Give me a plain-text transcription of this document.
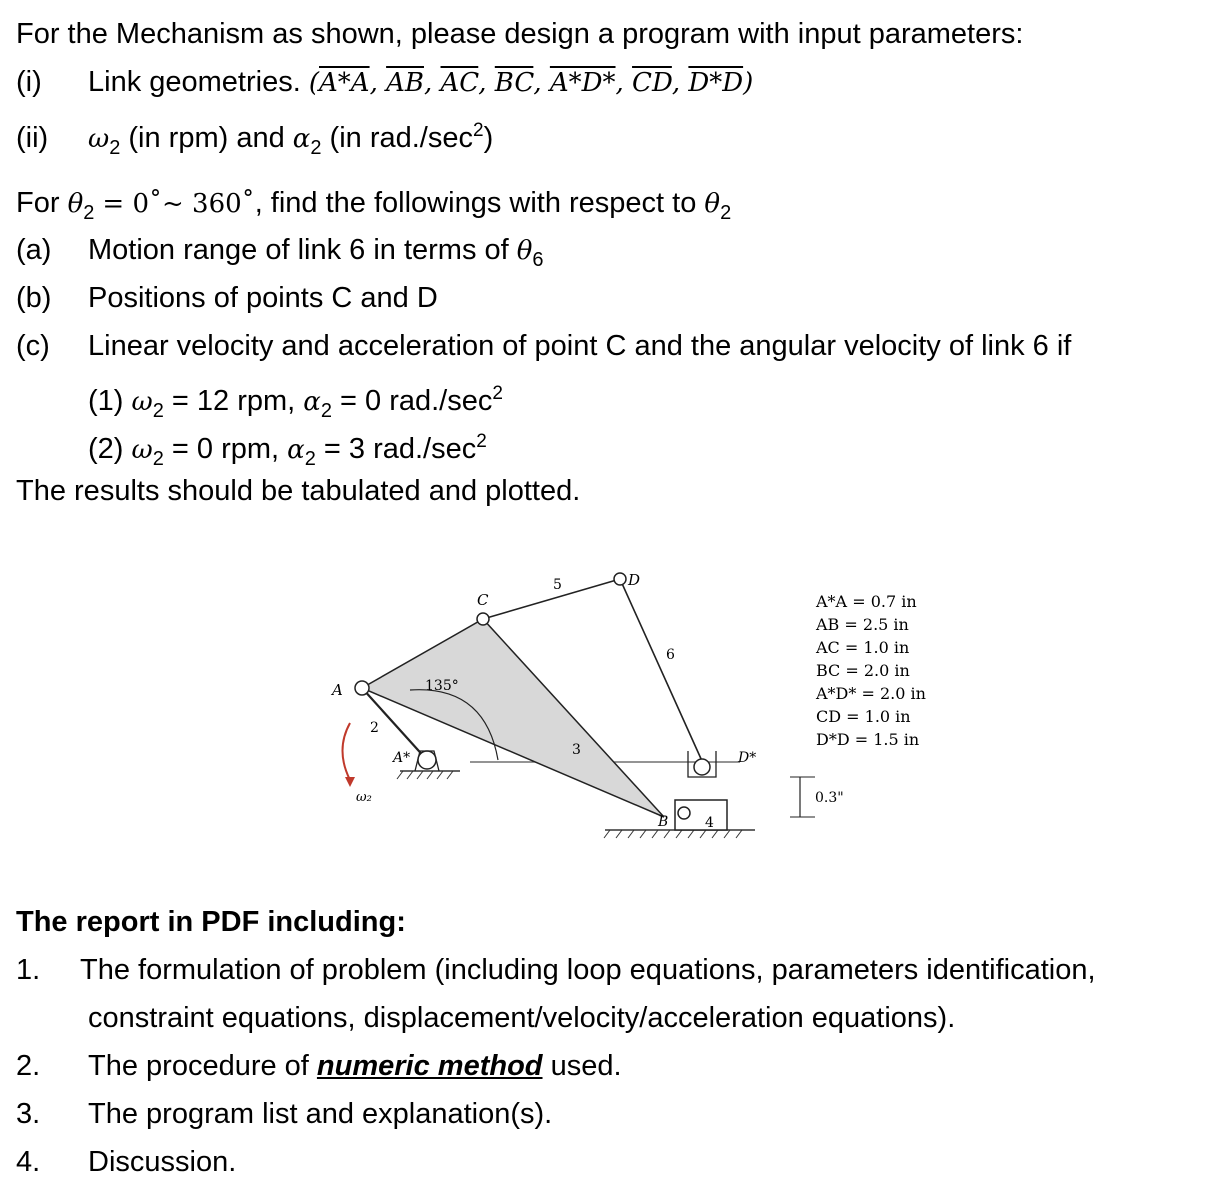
For the Mechanism as shown, please design a program with input parameters:
(i) Link geometries. (A*A, $\overline{AB}$, $\overline{AC}$, $\overline{BC}$, A*D*, $\overline{CD}$, D*D)
(ii) $\omega_2$ (in rpm) and $\alpha_2$ (in $rad./\sec^2$)
For $\theta_2$ = 0˚~ 360˚, find the followings with respect to $\theta_2$
(a) Motion range of link 6 in terms of $\theta_6$
(b) Positions of points C and D
(c) Linear velocity and acceleration of point C and the angular velocity of link 6 if
(1) $\omega_2 = 12$ rpm, $\alpha_2 = 0$ $rad./\sec^2$
(2) $\omega_2 = 0$ rpm, $\alpha_2 = 3$ $rad./\sec^2$
The results should be tabulated and plotted.
A
C
D
A*	D*
B
2
3
4
5
6
135°
ω₂	0.3"
A*A = 0.7 in
AB = 2.5 in
AC = 1.0 in
BC = 2.0 in
A*D* = 2.0 in
CD = 1.0 in
D*D = 1.5 in
The report in PDF including:
1. The formulation of problem (including loop equations, parameters identification,
constraint equations, displacement/velocity/acceleration equations).
2. The procedure of numeric method used.
3. The program list and explanation(s).
4. Discussion.
